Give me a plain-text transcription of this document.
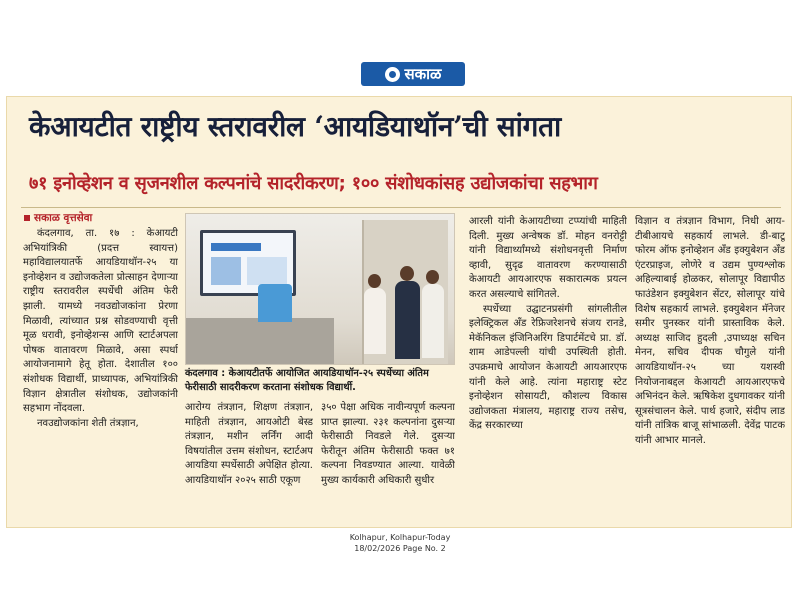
सकाळ
केआयटीत राष्ट्रीय स्तरावरील ‘आयडियाथॉन’ची सांगता
७१ इनोव्हेशन व सृजनशील कल्पनांचे सादरीकरण; १०० संशोधकांसह उद्योजकांचा सहभाग
सकाळ वृत्तसेवा

कंदलगाव, ता. १७ : केआयटी अभियांत्रिकी (प्रदत्त स्वायत्त) महाविद्यालयातर्फे आयडियाथॉन-२५ या इनोव्हेशन व उद्योजकतेला प्रोत्साहन देणाऱ्या राष्ट्रीय स्तरावरील स्पर्धेची अंतिम फेरी झाली. यामध्ये नवउद्योजकांना प्रेरणा मिळावी, त्यांच्यात प्रश्न सोडवण्याची वृत्ती मूळ धरावी, इनोव्हेशन्स आणि स्टार्टअपला पोषक वातावरण मिळावे, असा स्पर्धा आयोजनामागे हेतू होता. देशातील १०० संशोधक विद्यार्थी, प्राध्यापक, अभियांत्रिकी विज्ञान क्षेत्रातील संशोधक, उद्योजकांनी सहभाग नोंदवला.

नवउद्योजकांना शेती तंत्रज्ञान,

कंदलगाव : केआयटीतर्फे आयोजित आयडियाथॉन-२५ स्पर्धेच्या अंतिम फेरीसाठी सादरीकरण करताना संशोधक विद्यार्थी.

आरोग्य तंत्रज्ञान, शिक्षण तंत्रज्ञान, माहिती तंत्रज्ञान, आयओटी बेस्ड तंत्रज्ञान, मशीन लर्निंग आदी विषयांतील उत्तम संशोधन, स्टार्टअप आयडिया स्पर्धेसाठी अपेक्षित होत्या. आयडियाथॉन २०२५ साठी एकूण

३५० पेक्षा अधिक नावीन्यपूर्ण कल्पना प्राप्त झाल्या. २३१ कल्पनांना दुसऱ्या फेरीसाठी निवडले गेले. दुसऱ्या फेरीतून अंतिम फेरीसाठी फक्त ७१ कल्पना निवडण्यात आल्या. यावेळी मुख्य कार्यकारी अधिकारी सुधीर

आरली यांनी केआयटीच्या टप्प्यांची माहिती दिली. मुख्य अन्वेषक डॉ. मोहन वनरोट्टी यांनी विद्यार्थ्यांमध्ये संशोधनवृत्ती निर्माण व्हावी, सुदृढ वातावरण करण्यासाठी केआयटी आयआरएफ सकारात्मक प्रयत्न करत असल्याचे सांगितले.

स्पर्धेच्या उद्घाटनप्रसंगी सांगलीतील इलेक्ट्रिकल अँड रेफ्रिजरेशनचे संजय रानडे, मेकॅनिकल इंजिनिअरिंग डिपार्टमेंटचे प्रा. डॉ. शाम आडेपल्ली यांची उपस्थिती होती. उपक्रमाचे आयोजन केआयटी आयआरएफ यांनी केले आहे. त्यांना महाराष्ट्र स्टेट इनोव्हेशन सोसायटी, कौशल्य विकास उद्योजकता मंत्रालय, महाराष्ट्र राज्य तसेच, केंद्र सरकारच्या

विज्ञान व तंत्रज्ञान विभाग, निधी आय-टीबीआयचे सहकार्य लाभले. डी-बाटू फोरम ऑफ इनोव्हेशन अँड इक्युबेशन अँड एंटरप्राइज, लोणेरे व उद्यम पुण्यश्लोक अहिल्याबाई होळकर, सोलापूर विद्यापीठ फाउंडेशन इक्युबेशन सेंटर, सोलापूर यांचे विशेष सहकार्य लाभले. इक्युबेशन मॅनेजर समीर पुनस्कर यांनी प्रास्ताविक केले. अध्यक्ष साजिद हुदली ,उपाध्यक्ष सचिन मेनन, सचिव दीपक चौगुले यांनी आयडियाथॉन-२५ च्या यशस्वी नियोजनाबद्दल केआयटी आयआरएफचे अभिनंदन केले. ऋषिकेश दुधगावकर यांनी सूत्रसंचालन केले. पार्थ हजारे, संदीप लाड यांनी तांत्रिक बाजू सांभाळली. देवेंद्र पाटक यांनी आभार मानले.

Kolhapur, Kolhapur-Today
18/02/2026 Page No. 2
